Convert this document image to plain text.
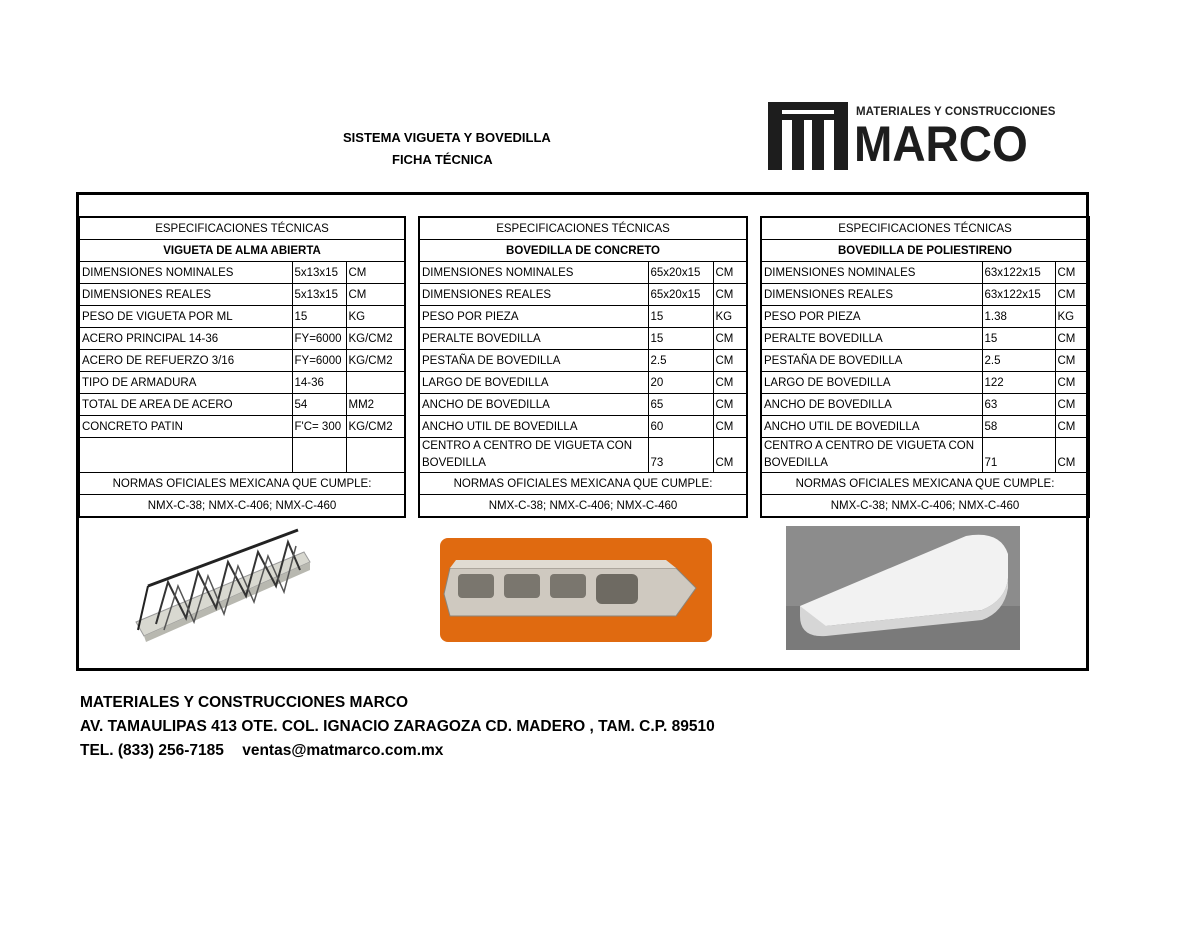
SISTEMA VIGUETA Y BOVEDILLA
FICHA TÉCNICA
MATERIALES Y CONSTRUCCIONES
MARCO
ESPECIFICACIONES TÉCNICAS		
VIGUETA DE ALMA ABIERTA		
DIMENSIONES NOMINALES	5x13x15	CM
DIMENSIONES REALES	5x13x15	CM
PESO DE VIGUETA POR ML	15	KG
ACERO PRINCIPAL 14-36	FY=6000	KG/CM2
ACERO DE REFUERZO 3/16	FY=6000	KG/CM2
TIPO DE ARMADURA	14-36	
TOTAL DE AREA DE ACERO	54	MM2
CONCRETO PATIN	F'C= 300	KG/CM2

NORMAS OFICIALES MEXICANA QUE CUMPLE:		
NMX-C-38; NMX-C-406; NMX-C-460		
ESPECIFICACIONES TÉCNICAS		
BOVEDILLA DE CONCRETO		
DIMENSIONES NOMINALES	65x20x15	CM
DIMENSIONES REALES	65x20x15	CM
PESO POR PIEZA	15	KG
PERALTE BOVEDILLA	15	CM
PESTAÑA DE BOVEDILLA	2.5	CM
LARGO DE BOVEDILLA	20	CM
ANCHO DE BOVEDILLA	65	CM
ANCHO UTIL DE BOVEDILLA	60	CM
CENTRO A CENTRO DE VIGUETA CON BOVEDILLA	73	CM
NORMAS OFICIALES MEXICANA QUE CUMPLE:		
NMX-C-38; NMX-C-406; NMX-C-460		
ESPECIFICACIONES TÉCNICAS		
BOVEDILLA DE POLIESTIRENO		
DIMENSIONES NOMINALES	63x122x15	CM
DIMENSIONES REALES	63x122x15	CM
PESO POR PIEZA	1.38	KG
PERALTE BOVEDILLA	15	CM
PESTAÑA DE BOVEDILLA	2.5	CM
LARGO DE BOVEDILLA	122	CM
ANCHO DE BOVEDILLA	63	CM
ANCHO UTIL DE BOVEDILLA	58	CM
CENTRO A CENTRO DE VIGUETA CON BOVEDILLA	71	CM
NORMAS OFICIALES MEXICANA QUE CUMPLE:		
NMX-C-38; NMX-C-406; NMX-C-460		
MATERIALES Y CONSTRUCCIONES MARCO
AV. TAMAULIPAS 413 OTE. COL. IGNACIO ZARAGOZA CD. MADERO , TAM. C.P. 89510
TEL. (833) 256-7185 ventas@matmarco.com.mx
